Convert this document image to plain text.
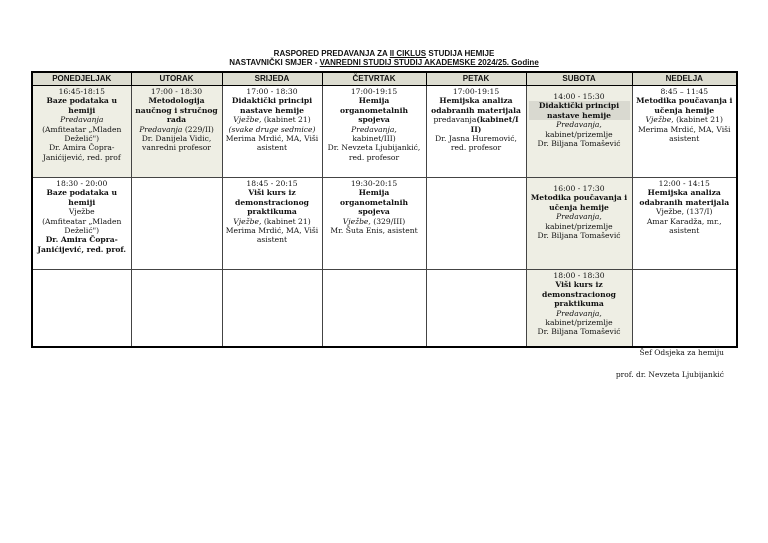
RASPORED PREDAVANJA ZA II CIKLUS STUDIJA HEMIJE
NASTAVNIČKI SMJER - VANREDNI STUDIJ STUDIJ AKADEMSKE 2024/25. Godine
PONEDJELJAK	UTORAK	SRIJEDA	ČETVRTAK	PETAK	SUBOTA	NEDELJA

16:45-18:15
Baze podataka u hemiji
Predavanja
(Amfiteatar „Mladen Deželić")
Dr. Amira Čopra-Janićijević, red. prof	17:00 - 18:30
Metodologija naučnog i stručnog rada
Predavanja (229/II)
Dr. Danijela Vidic, vanredni profesor	17:00 - 18:30
Didaktički principi nastave hemije
Vježbe, (kabinet 21)
(svake druge sedmice)
Merima Mrdić, MA, Viši asistent	17:00-19:15
Hemija organometalnih spojeva
Predavanja,
kabinet/III)
Dr. Nevzeta Ljubijankić, red. profesor	17:00-19:15
Hemijska analiza odabranih materijala
predavanja(kabinet/I II)
Dr. Jasna Huremović, red. profesor	14:00 - 15:30
Didaktički principi nastave hemije
Predavanja,
kabinet/prizemlje
Dr. Biljana Tomašević	8:45 – 11:45
Metodika poučavanja i učenja hemije
Vježbe, (kabinet 21)
Merima Mrdić, MA, Viši asistent

18:30 - 20:00
Baze podataka u hemiji
Vježbe
(Amfiteatar „Mladen Deželić")
Dr. Amira Čopra-Janićijević, red. prof.		18:45 - 20:15
Viši kurs iz demonstracionog praktikuma
Vježbe, (kabinet 21)
Merima Mrdić, MA, Viši asistent	19:30-20:15
Hemija organometalnih spojeva
Vježbe, (329/III)
Mr. Šuta Enis, asistent		16:00 - 17:30
Metodika poučavanja i učenja hemije
Predavanja,
kabinet/prizemlje
Dr. Biljana Tomašević	12:00 - 14:15
Hemijska analiza odabranih materijala
Vježbe, (137/I)
Amar Karadža, mr., asistent

					18:00 - 18:30
Viši kurs iz demonstracionog praktikuma
Predavanja,
kabinet/prizemlje
Dr. Biljana Tomašević	

Šef Odsjeka za hemiju
prof. dr. Nevzeta Ljubijankić
